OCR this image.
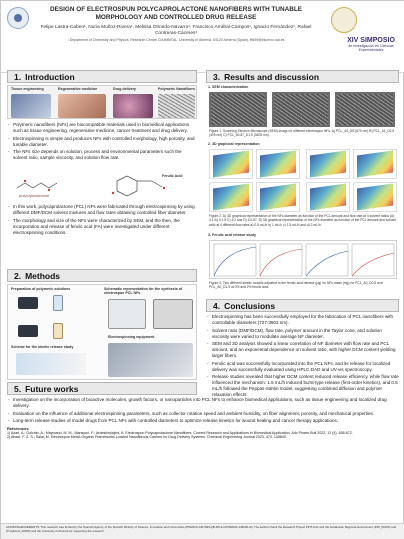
DESIGN OF ELECTROSPUN POLYCAPROLACTONE NANOFIBERS WITH TUNABLE MORPHOLOGY AND CONTROLLED DRUG RELEASE
Felipe Lastra-Cabeo¹, Nuria Muñoz-Rivera¹, Melissa Olmedo-Navarro¹, Francisco Arrabal-Campos¹, Ignacio Fernández¹, Rafael Contreras-Cáceres¹
¹ Department of Chemistry and Physics, Research Centre CIAIMBITAL, University of Almería, 04120 Almería (Spain). ffl499@inlumno.ual.es	XIV SIMPOSIO
de investigación en Ciencias Experimentales
1. Introduction
Tissue engineering	Regenerative medicine	Drug delivery	Polymeric Nanofibers
- Polymeric nanofibers (NFs) are biocompatible materials used in biomedical applications such as tissue engineering, regenerative medicine, cancer treatment and drug delivery.
- Electrospinning is simple and produces NFs with controlled morphology, high porosity, and tunable diameter.
- The NFs size depends on solution, process and environmental parameters such the solvent ratio, sample viscosity, and solution flow rate.
polycaprolactone
Ferulic Acid
- In this work, polycaprolactone (PCL) NFs were fabricated through electrospinning by using different DMF/DCM solvent mixtures and flow rates obtaining controlled fiber diameter.
- The morphology and size of the NFs were characterized by SEM, and the then, the incorporation and release of ferulic acid (FA) were investigated under different electrospinning conditions.
2. Methods
Preparation of polymeric solutions	Schematic representation for the synthesis of electrospun PCL NFs
Scheme for the kinetic release study
Electrospinning equipment
5. Future works
- Investigation on the incorporation of bioactive molecules, growth factors, or nanoparticles into PCL NFs to enhance biomedical applications, such as tissue engineering and localized drug delivery.
- Evaluation on the influence of additional electrospinning parameters, such as collector rotation speed and ambient humidity, on fiber alignment, porosity, and mechanical properties.
- Long-term release studies of model drugs from PCL NFs with controlled diameters to optimize release kinetics for wound healing and cancer therapy applications.
References
1) Azari, A.; Golchin, A.; Maymand, M. M.; Mansouri, F.; Ardeshirylajimi, A. Electrospun Polycaprolactone Nanofibers: Current Research and Applications in Biomedical Application. Adv Pharm Bull 2022, 12 (4), 658-672.
2) Abadi, F. S. S.; Saiai, M. Electrospun Metal–Organic Frameworks-Loaded Nanofibrous Carriers for Drug Delivery Systems. Chemical Engineering Journal 2023, 474, 145840.
3. Results and discussion
1. SEM characterization
Figure 1. Scanning Electron Microscope (SEM) image for different electrospun NFs. A) PCL_44_DS (670 nm) B) PCL_44_D2.5 (409 nm) C) PCL_60.87_D1.5 (3625 nm).
2. 3D graphical representation
Figure 2. A) 3D graphical representation of the NFs diameter as function of the PCL amount and flow rate at 4 solvent ratios (A) 4:1 B) 4:1.5 C) 4:2 and D) 4:0.87. B) 3D graphical representation of the NFs diameter as function of the PCL amount and solvent ratio at 4 different flow rates a) 0.5 mL/h b) 1 mL/h c) 1.5 mL/h and d) 2 mL/h.
3. Ferulic acid release study
Figure 3. Two different kinetic models adjusted to the ferulic acid release (μg) for NFs mass (mg) for PCL_A0_D0.5 and PCL_A0_D1.5 at 0% and 2% ferulic acid.
4. Conclusions
- Electrospinning has been successfully employed for the fabrication of PCL nanofibers with controllable diameters (727-3603 nm).
- Solvent ratio (DMF/DCM), flow rate, polymer amount in the Taylor cone, and solution viscosity were varied to modulate average NF diameter.
- SEM and 3D analysis showed a linear correlation of NF diameter with flow rate and PCL amount, and an exponential dependence on solvent ratio, with higher DCM content yielding larger fibers.
- Ferulic acid was successfully incorporated into the PCL NFs, and its release for localized delivery was successfully evaluated using HPLC-DAD and UV-vis spectroscopy.
- Release studies revealed that higher DCM content reduced release efficiency, while flow rate influenced the mechanism: 1.5 mL/h induced burst-type release (first-order kinetics), and 0.5 mL/h followed the Peppas-Sahlin model, suggesting combined diffusion and polymer relaxation effects.
ACKNOWLEDGEMENTS: This research was funded by the Spanish Agency of the Spanish Ministry of Science, Innovation and Universities (PID2023-1407093-QB-I00 and PID2022-148006-I0). The authors thank the Research Project PPIT-UAL and the Andalusian Regional Government (P20_00106) and (ProyExcel_00405) and the University of Almería for supporting the research.
